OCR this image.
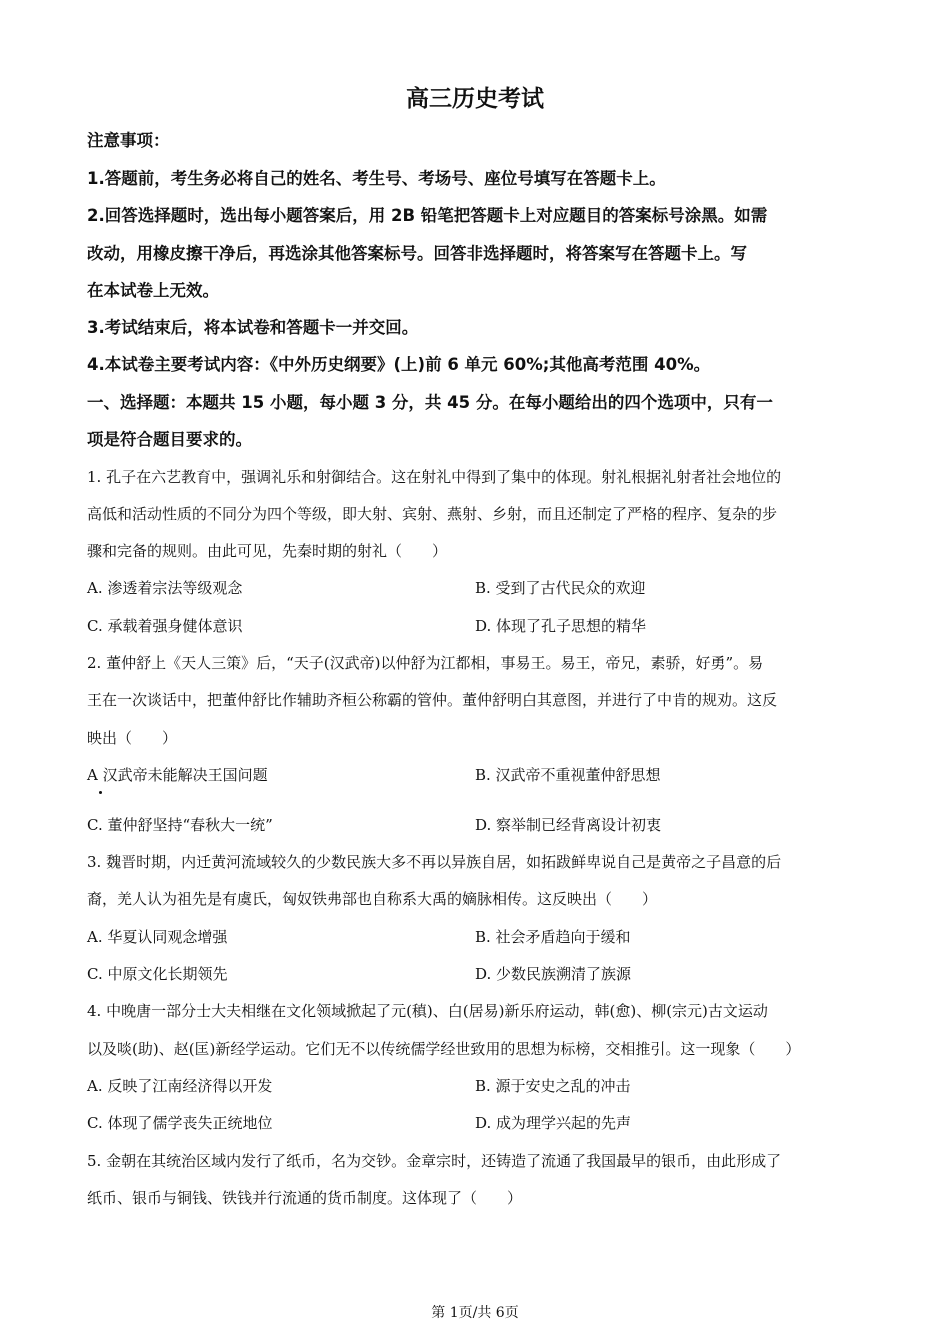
高三历史考试
注意事项：
1.答题前，考生务必将自己的姓名、考生号、考场号、座位号填写在答题卡上。
2.回答选择题时，选出每小题答案后，用 2B 铅笔把答题卡上对应题目的答案标号涂黑。如需
改动，用橡皮擦干净后，再选涂其他答案标号。回答非选择题时，将答案写在答题卡上。写
在本试卷上无效。
3.考试结束后，将本试卷和答题卡一并交回。
4.本试卷主要考试内容：《中外历史纲要》(上)前 6 单元 60%;其他高考范围 40%。
一、选择题：本题共 15 小题，每小题 3 分，共 45 分。在每小题给出的四个选项中，只有一
项是符合题目要求的。
1. 孔子在六艺教育中，强调礼乐和射御结合。这在射礼中得到了集中的体现。射礼根据礼射者社会地位的
高低和活动性质的不同分为四个等级，即大射、宾射、燕射、乡射，而且还制定了严格的程序、复杂的步
骤和完备的规则。由此可见，先秦时期的射礼（　　）
A. 渗透着宗法等级观念	B. 受到了古代民众的欢迎
C. 承载着强身健体意识	D. 体现了孔子思想的精华
2. 董仲舒上《天人三策》后，“天子(汉武帝)以仲舒为江都相，事易王。易王，帝兄，素骄，好勇”。易
王在一次谈话中，把董仲舒比作辅助齐桓公称霸的管仲。董仲舒明白其意图，并进行了中肯的规劝。这反
映出（　　）
A 汉武帝未能解决王国问题	B. 汉武帝不重视董仲舒思想
C. 董仲舒坚持“春秋大一统”	D. 察举制已经背离设计初衷
3. 魏晋时期，内迁黄河流域较久的少数民族大多不再以异族自居，如拓跋鲜卑说自己是黄帝之子昌意的后
裔，羌人认为祖先是有虞氏，匈奴铁弗部也自称系大禹的嫡脉相传。这反映出（　　）
A. 华夏认同观念增强	B. 社会矛盾趋向于缓和
C. 中原文化长期领先	D. 少数民族溯清了族源
4. 中晚唐一部分士大夫相继在文化领域掀起了元(稹)、白(居易)新乐府运动，韩(愈)、柳(宗元)古文运动
以及啖(助)、赵(匡)新经学运动。它们无不以传统儒学经世致用的思想为标榜，交相推引。这一现象（　　）
A. 反映了江南经济得以开发	B. 源于安史之乱的冲击
C. 体现了儒学丧失正统地位	D. 成为理学兴起的先声
5. 金朝在其统治区域内发行了纸币，名为交钞。金章宗时，还铸造了流通了我国最早的银币，由此形成了
纸币、银币与铜钱、铁钱并行流通的货币制度。这体现了（　　）
第 1页/共 6页
